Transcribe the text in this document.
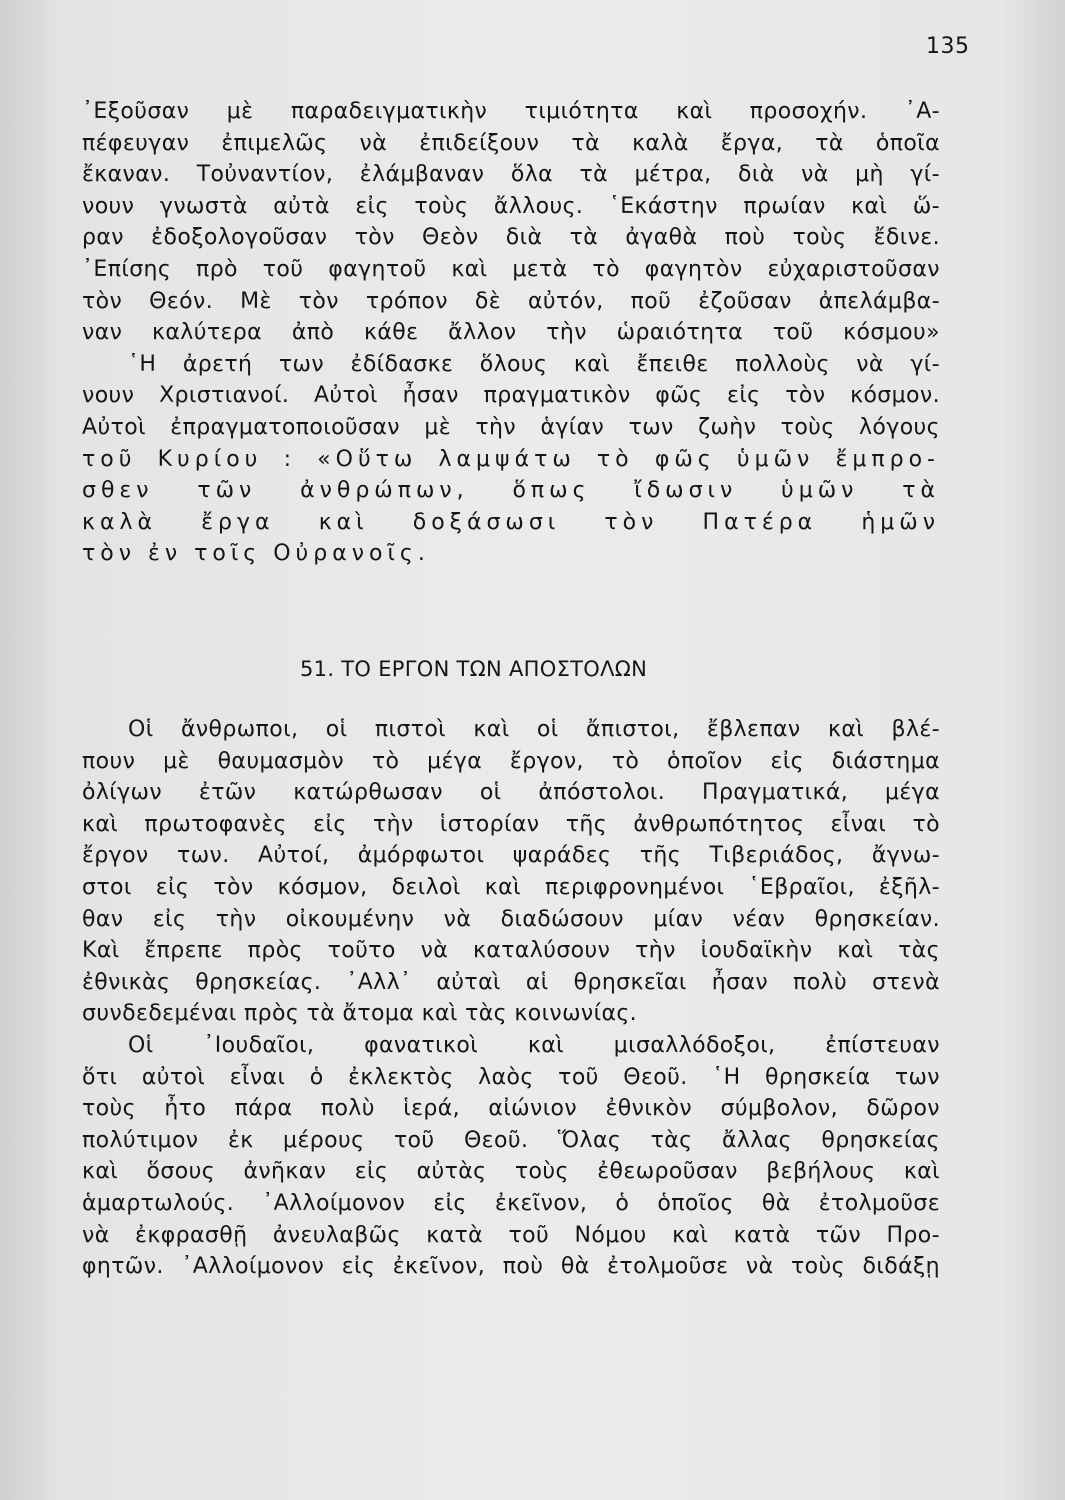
135
᾿Εξοῦσαν μὲ παραδειγματικὴν τιμιότητα καὶ προσοχήν. ᾿Α-
πέφευγαν ἐπιμελῶς νὰ ἐπιδείξουν τὰ καλὰ ἔργα, τὰ ὁποῖα
ἔκαναν. Τοὐναντίον, ἐλάμβαναν ὅλα τὰ μέτρα, διὰ νὰ μὴ γί-
νουν γνωστὰ αὐτὰ εἰς τοὺς ἄλλους. ῾Εκάστην πρωίαν καὶ ὥ-
ραν ἐδοξολογοῦσαν τὸν Θεὸν διὰ τὰ ἀγαθὰ ποὺ τοὺς ἔδινε.
᾿Επίσης πρὸ τοῦ φαγητοῦ καὶ μετὰ τὸ φαγητὸν εὐχαριστοῦσαν
τὸν Θεόν. Μὲ τὸν τρόπον δὲ αὐτόν, ποῦ ἐζοῦσαν ἀπελάμβα-
ναν καλύτερα ἀπὸ κάθε ἄλλον τὴν ὡραιότητα τοῦ κόσμου»
῾Η ἀρετή των ἐδίδασκε ὅλους καὶ ἔπειθε πολλοὺς νὰ γί-
νουν Χριστιανοί. Αὐτοὶ ἦσαν πραγματικὸν φῶς εἰς τὸν κόσμον.
Αὐτοὶ ἐπραγματοποιοῦσαν μὲ τὴν ἁγίαν των ζωὴν τοὺς λόγους
τοῦ Κυρίου : «Οὕτω λαμψάτω τὸ φῶς ὑμῶν ἔμπρο-
σθεν τῶν ἀνθρώπων, ὅπως ἴδωσιν ὑμῶν τὰ
καλὰ ἔργα καὶ δοξάσωσι τὸν Πατέρα ἡμῶν
τὸν ἐν τοῖς Οὐρανοῖς.
51. ΤΟ ΕΡΓΟΝ ΤΩΝ ΑΠΟΣΤΟΛΩΝ
Οἱ ἄνθρωποι, οἱ πιστοὶ καὶ οἱ ἄπιστοι, ἔβλεπαν καὶ βλέ-
πουν μὲ θαυμασμὸν τὸ μέγα ἔργον, τὸ ὁποῖον εἰς διάστημα
ὀλίγων ἐτῶν κατώρθωσαν οἱ ἀπόστολοι. Πραγματικά, μέγα
καὶ πρωτοφανὲς εἰς τὴν ἱστορίαν τῆς ἀνθρωπότητος εἶναι τὸ
ἔργον των. Αὐτοί, ἀμόρφωτοι ψαράδες τῆς Τιβεριάδος, ἄγνω-
στοι εἰς τὸν κόσμον, δειλοὶ καὶ περιφρονημένοι ῾Εβραῖοι, ἐξῆλ-
θαν εἰς τὴν οἰκουμένην νὰ διαδώσουν μίαν νέαν θρησκείαν.
Καὶ ἔπρεπε πρὸς τοῦτο νὰ καταλύσουν τὴν ἰουδαϊκὴν καὶ τὰς
ἐθνικὰς θρησκείας. ᾿Αλλ᾿ αὐταὶ αἱ θρησκεῖαι ἦσαν πολὺ στενὰ
συνδεδεμέναι πρὸς τὰ ἄτομα καὶ τὰς κοινωνίας.
Οἱ ᾿Ιουδαῖοι, φανατικοὶ καὶ μισαλλόδοξοι, ἐπίστευαν
ὅτι αὐτοὶ εἶναι ὁ ἐκλεκτὸς λαὸς τοῦ Θεοῦ. ῾Η θρησκεία των
τοὺς ἦτο πάρα πολὺ ἱερά, αἰώνιον ἐθνικὸν σύμβολον, δῶρον
πολύτιμον ἐκ μέρους τοῦ Θεοῦ. Ὅλας τὰς ἄλλας θρησκείας
καὶ ὅσους ἀνῆκαν εἰς αὐτὰς τοὺς ἐθεωροῦσαν βεβήλους καὶ
ἁμαρτωλούς. ᾿Αλλοίμονον εἰς ἐκεῖνον, ὁ ὁποῖος θὰ ἐτολμοῦσε
νὰ ἐκφρασθῇ ἀνευλαβῶς κατὰ τοῦ Νόμου καὶ κατὰ τῶν Προ-
φητῶν. ᾿Αλλοίμονον εἰς ἐκεῖνον, ποὺ θὰ ἐτολμοῦσε νὰ τοὺς διδάξῃ
